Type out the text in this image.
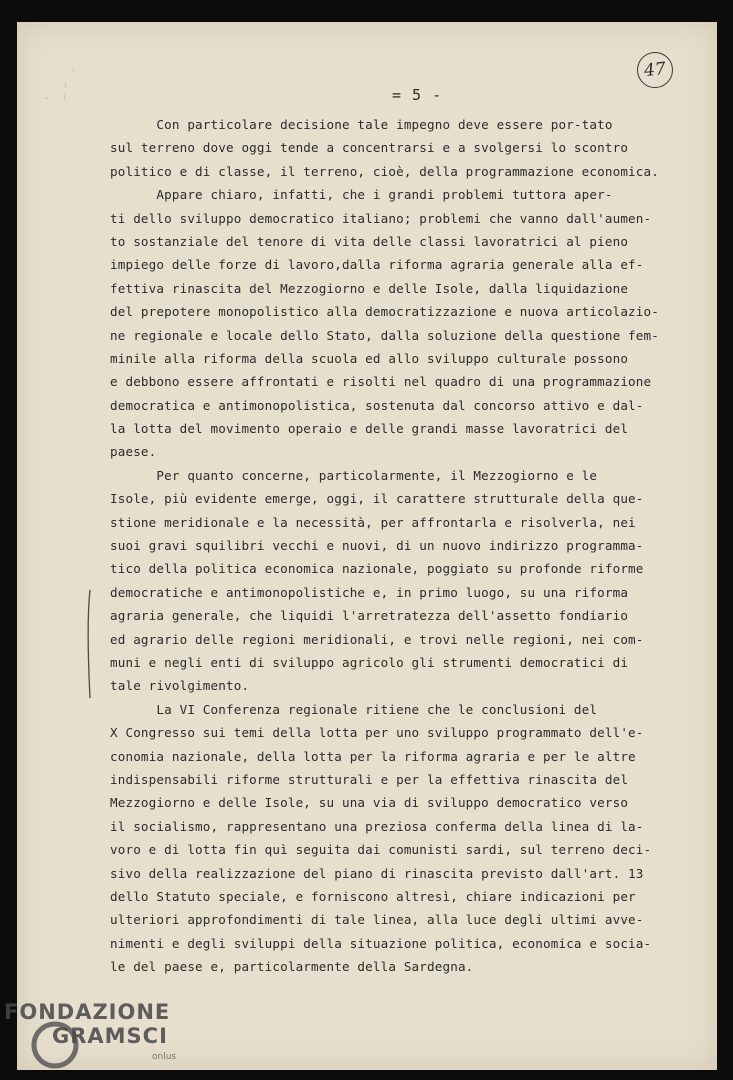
= 5 -
47
Con particolare decisione tale impegno deve essere por-tato
sul terreno dove oggi tende a concentrarsi e a svolgersi lo scontro
politico e di classe, il terreno, cioè, della programmazione economica.
Appare chiaro, infatti, che i grandi problemi tuttora aper-
ti dello sviluppo democratico italiano; problemi che vanno dall'aumen-
to sostanziale del tenore di vita delle classi lavoratrici al pieno
impiego delle forze di lavoro,dalla riforma agraria generale alla ef-
fettiva rinascita del Mezzogiorno e delle Isole, dalla liquidazione
del prepotere monopolistico alla democratizzazione e nuova articolazio-
ne regionale e locale dello Stato, dalla soluzione della questione fem-
minile alla riforma della scuola ed allo sviluppo culturale possono
e debbono essere affrontati e risolti nel quadro di una programmazione
democratica e antimonopolistica, sostenuta dal concorso attivo e dal-
la lotta del movimento operaio e delle grandi masse lavoratrici del
paese.
Per quanto concerne, particolarmente, il Mezzogiorno e le
Isole, più evidente emerge, oggi, il carattere strutturale della que-
stione meridionale e la necessità, per affrontarla e risolverla, nei
suoi gravi squilibri vecchi e nuovi, di un nuovo indirizzo programma-
tico della politica economica nazionale, poggiato su profonde riforme
democratiche e antimonopolistiche e, in primo luogo, su una riforma
agraria generale, che liquidi l'arretratezza dell'assetto fondiario
ed agrario delle regioni meridionali, e trovi nelle regioni, nei com-
muni e negli enti di sviluppo agricolo gli strumenti democratici di
tale rivolgimento.
La VI Conferenza regionale ritiene che le conclusioni del
X Congresso sui temi della lotta per uno sviluppo programmato dell'e-
conomia nazionale, della lotta per la riforma agraria e per le altre
indispensabili riforme strutturali e per la effettiva rinascita del
Mezzogiorno e delle Isole, su una via di sviluppo democratico verso
il socialismo, rappresentano una preziosa conferma della linea di la-
voro e di lotta fin quì seguita dai comunisti sardi, sul terreno deci-
sivo della realizzazione del piano di rinascita previsto dall'art. 13
dello Statuto speciale, e forniscono altresì, chiare indicazioni per
ulteriori approfondimenti di tale linea, alla luce degli ultimi avve-
nimenti e degli sviluppi della situazione politica, economica e socia-
le del paese e, particolarmente della Sardegna.
FONDAZIONE
GRAMSCI
onlus
